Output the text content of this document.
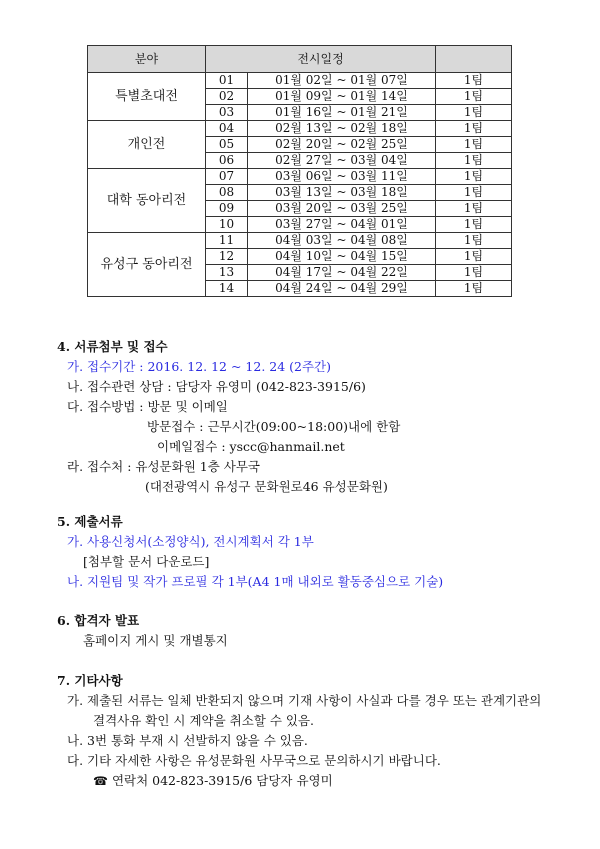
분야	전시일정		
특별초대전	01	01월 02일 ~ 01월 07일	1팀
	02	01월 09일 ~ 01월 14일	1팀
	03	01월 16일 ~ 01월 21일	1팀
개인전	04	02월 13일 ~ 02월 18일	1팀
	05	02월 20일 ~ 02월 25일	1팀
	06	02월 27일 ~ 03월 04일	1팀
대학 동아리전	07	03월 06일 ~ 03월 11일	1팀
	08	03월 13일 ~ 03월 18일	1팀
	09	03월 20일 ~ 03월 25일	1팀
	10	03월 27일 ~ 04월 01일	1팀
유성구 동아리전	11	04월 03일 ~ 04월 08일	1팀
	12	04월 10일 ~ 04월 15일	1팀
	13	04월 17일 ~ 04월 22일	1팀
	14	04월 24일 ~ 04월 29일	1팀
4. 서류첨부 및 접수
가. 접수기간 : 2016. 12. 12 ~ 12. 24 (2주간)
나. 접수관련 상담 : 담당자 유영미 (042-823-3915/6)
다. 접수방법 : 방문 및 이메일
방문접수 : 근무시간(09:00~18:00)내에 한함
이메일접수 : yscc@hanmail.net
라. 접수처 : 유성문화원 1층 사무국
(대전광역시 유성구 문화원로46 유성문화원)
5. 제출서류
가. 사용신청서(소정양식), 전시계획서 각 1부
[첨부할 문서 다운로드]
나. 지원팀 및 작가 프로필 각 1부(A4 1매 내외로 활동중심으로 기술)
6. 합격자 발표
홈페이지 게시 및 개별통지
7. 기타사항
가. 제출된 서류는 일체 반환되지 않으며 기재 사항이 사실과 다를 경우 또는 관계기관의 결격사유 확인 시 계약을 취소할 수 있음.
나. 3번 통화 부재 시 선발하지 않을 수 있음.
다. 기타 자세한 사항은 유성문화원 사무국으로 문의하시기 바랍니다.
☎ 연락처 042-823-3915/6 담당자 유영미
